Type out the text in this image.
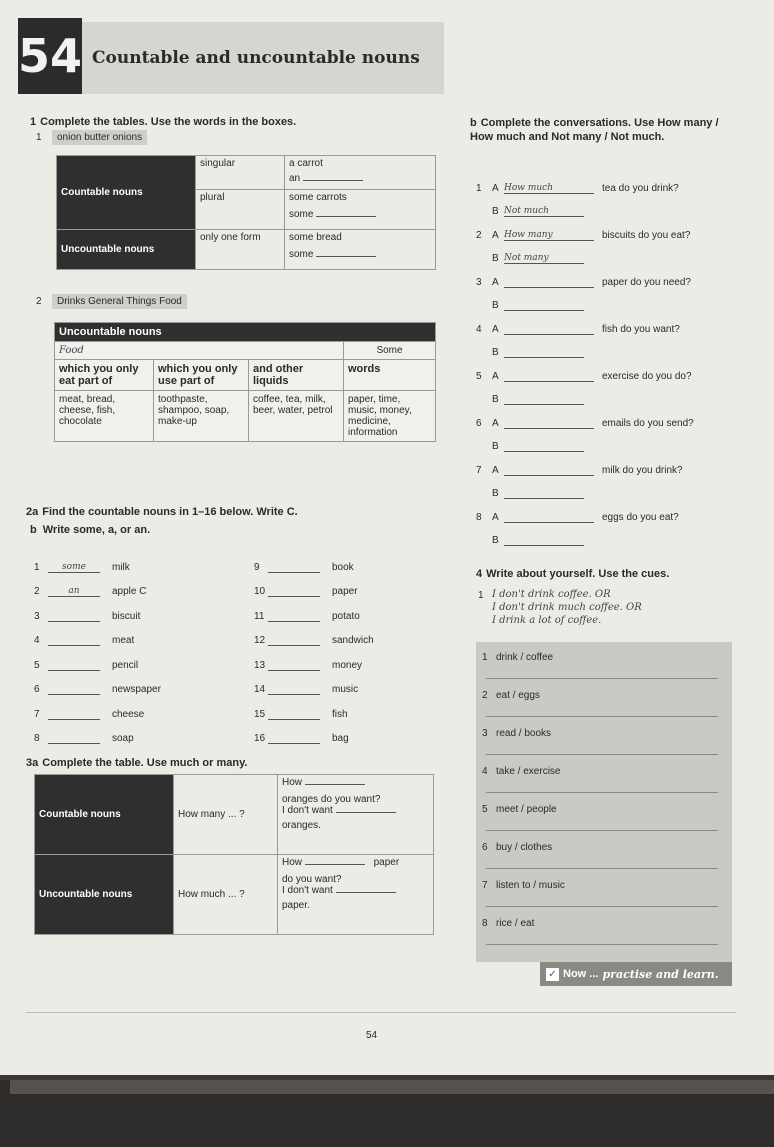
54 Countable and uncountable nouns
1 Complete the tables. Use the words in the boxes.
1	onion butter onions
Countable nouns	singular	a carrot
an

	plural	some carrots
some

Uncountable nouns	only one form	some bread
some
2	Drinks General Things Food
Uncountable nouns			
Food			Some
which you only eat part of	which you only use part of	and other liquids	words
meat, bread, cheese, fish, chocolate	toothpaste, shampoo, soap, make-up	coffee, tea, milk, beer, water, petrol	paper, time, music, money, medicine, information
2a Find the countable nouns in 1–16 below. Write C.
b Write some, a, or an.
1	some	milk
2	an	apple C
3	biscuit
4	meat
5	pencil
6	newspaper
7	cheese
8	soap
9	book
10	paper
11	potato
12	sandwich
13	money
14	music
15	fish
16	bag
3a Complete the table. Use much or many.
Countable nouns	How many ... ?	How
oranges do you want?
I don't want
oranges.

Uncountable nouns	How much ... ?	How paper
do you want?
I don't want
paper.
b Complete the conversations. Use How many / How much and Not many / Not much.
1	A How much	tea do you drink?
B Not much
2	A How many	biscuits do you eat?
B Not many
3	A	paper do you need?
B
4	A	fish do you want?
B
5	A	exercise do you do?
B
6	A	emails do you send?
B
7	A	milk do you drink?
B
8	A	eggs do you eat?
B
4 Write about yourself. Use the cues.
1 I don't drink coffee. OR
I don't drink much coffee. OR
I drink a lot of coffee.
1 drink / coffee
2 eat / eggs
3 read / books
4 take / exercise
5 meet / people
6 buy / clothes
7 listen to / music
8 rice / eat
✓ Now ... practise and learn.
54
